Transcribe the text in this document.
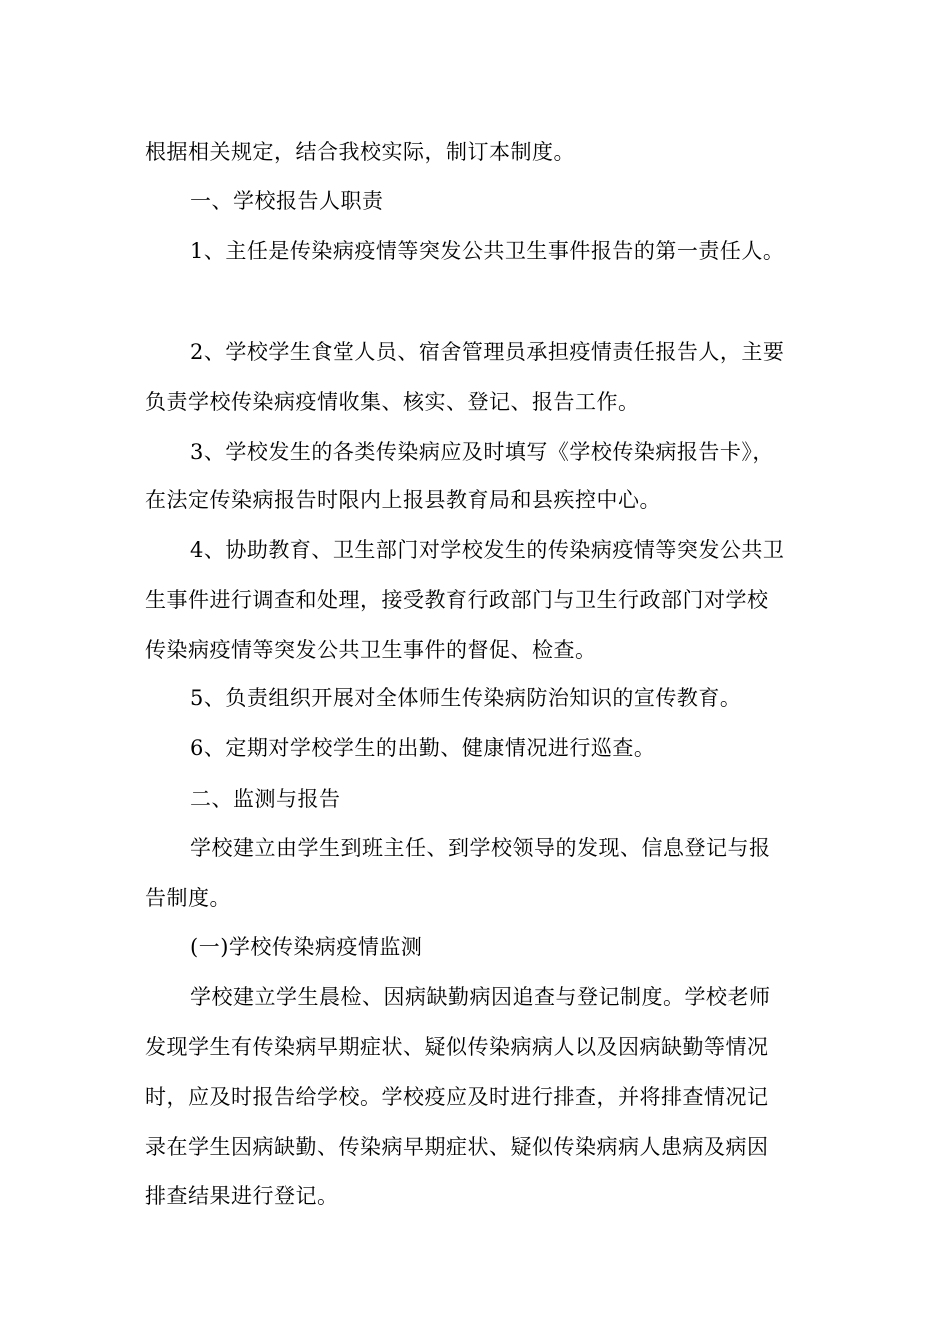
根据相关规定，结合我校实际，制订本制度。
一、学校报告人职责
1、主任是传染病疫情等突发公共卫生事件报告的第一责任人。
2、学校学生食堂人员、宿舍管理员承担疫情责任报告人，主要
负责学校传染病疫情收集、核实、登记、报告工作。
3、学校发生的各类传染病应及时填写《学校传染病报告卡》，
在法定传染病报告时限内上报县教育局和县疾控中心。
4、协助教育、卫生部门对学校发生的传染病疫情等突发公共卫
生事件进行调查和处理，接受教育行政部门与卫生行政部门对学校
传染病疫情等突发公共卫生事件的督促、检查。
5、负责组织开展对全体师生传染病防治知识的宣传教育。
6、定期对学校学生的出勤、健康情况进行巡查。
二、监测与报告
学校建立由学生到班主任、到学校领导的发现、信息登记与报
告制度。
(一)学校传染病疫情监测
学校建立学生晨检、因病缺勤病因追查与登记制度。学校老师
发现学生有传染病早期症状、疑似传染病病人以及因病缺勤等情况
时，应及时报告给学校。学校疫应及时进行排查，并将排查情况记
录在学生因病缺勤、传染病早期症状、疑似传染病病人患病及病因
排查结果进行登记。
